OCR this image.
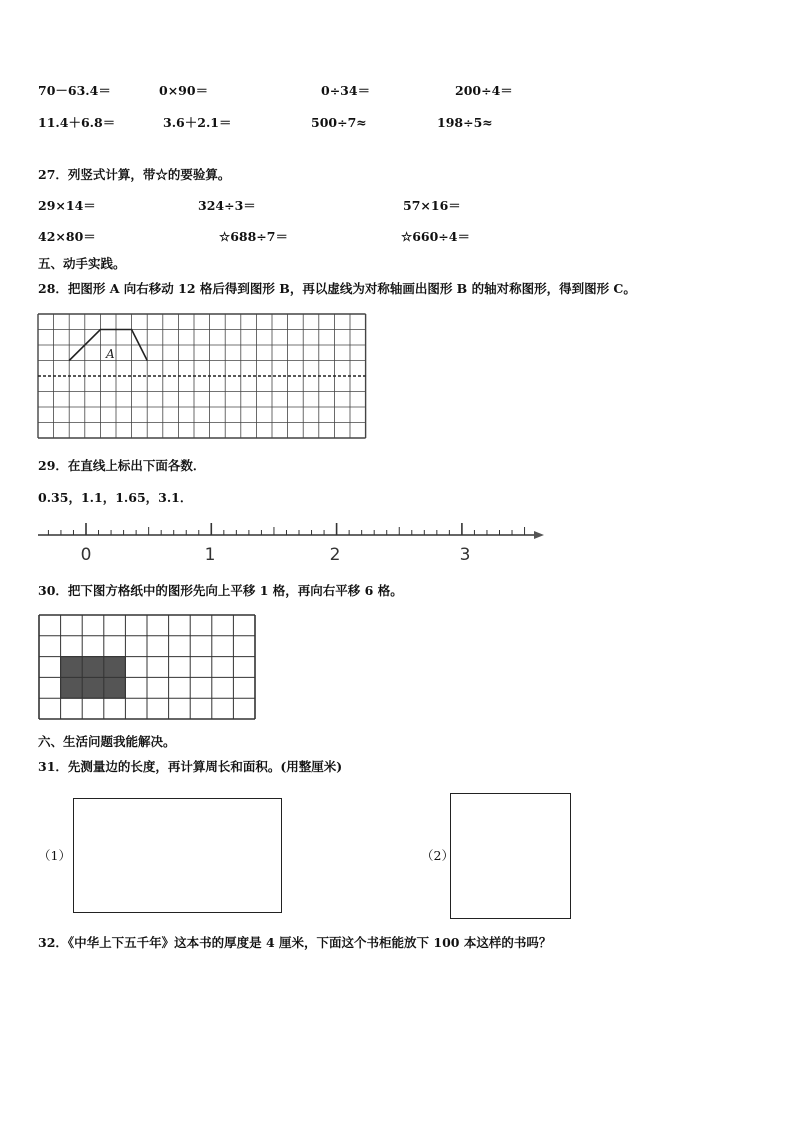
70－63.4＝	0×90＝	0÷34＝	200÷4＝
11.4＋6.8＝	3.6＋2.1＝	500÷7≈	198÷5≈
27．列竖式计算，带☆的要验算。
29×14＝	324÷3＝	57×16＝
42×80＝	☆688÷7＝	☆660÷4＝
五、动手实践。
28．把图形 A 向右移动 12 格后得到图形 B，再以虚线为对称轴画出图形 B 的轴对称图形，得到图形 C。
A
29．在直线上标出下面各数．
0.35，1.1，1.65，3.1．
0	1	2	3
30．把下图方格纸中的图形先向上平移 1 格，再向右平移 6 格。
六、生活问题我能解决。
31．先测量边的长度，再计算周长和面积。(用整厘米)
（1）	（2）
32．《中华上下五千年》这本书的厚度是 4 厘米，下面这个书柜能放下 100 本这样的书吗？
